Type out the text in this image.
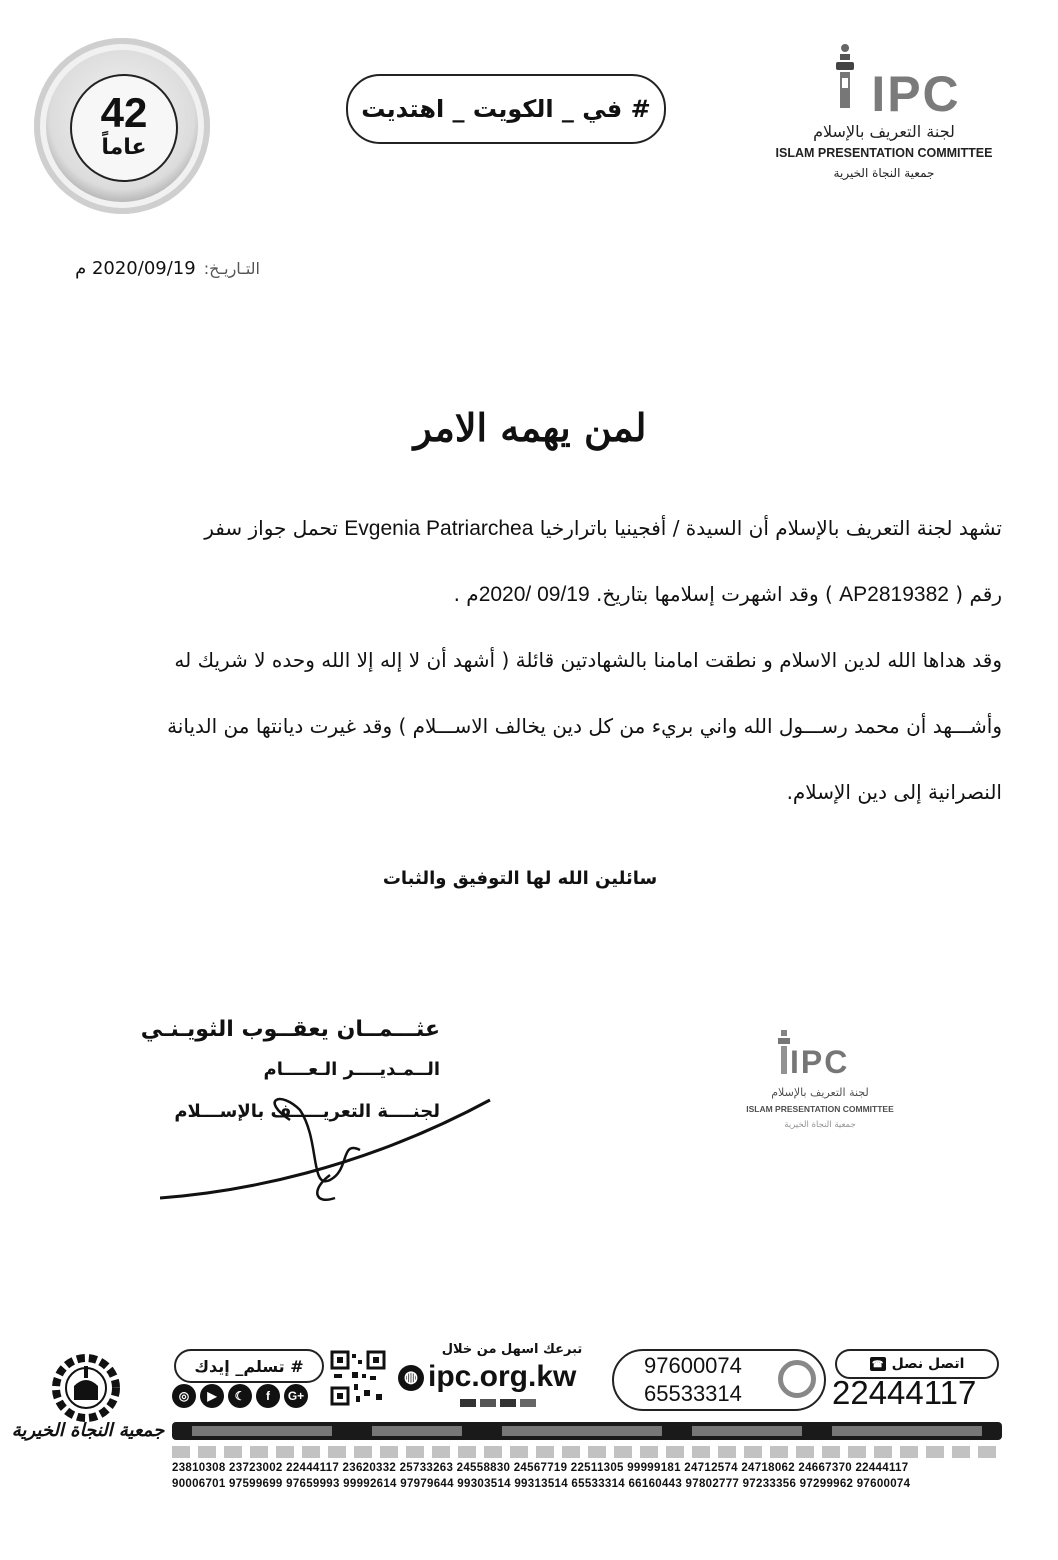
42
عاماً
# في _ الكويت _ اهتديت	IPC
لجنة التعريف بالإسلام
ISLAM PRESENTATION COMMITTEE
جمعية النجاة الخيرية
التـاريـخ:2020/09/19 م
لمن يهمه الامر

تشهد لجنة التعريف بالإسلام أن السيدة / أفجينيا باترارخيا Evgenia Patriarchea تحمل جواز سفر

رقم ( AP2819382 ) وقد اشهرت إسلامها بتاريخ. 2020/ 09/19م .

وقد هداها الله لدين الاسلام و نطقت امامنا بالشهادتين قائلة ( أشهد أن لا إله إلا الله وحده لا شريك له

وأشـــهد أن محمد رســـول الله واني بريء من كل دين يخالف الاســـلام ) وقد غيرت ديانتها من الديانة

النصرانية إلى دين الإسلام.

سائلين الله لها التوفيق والثبات
عثـــمــان يعقــوب الثويـنـي
الــمـديــــر الـعــــام
لجنــــة التعريـــــف بالإســـلام
IPC
لجنة التعريف بالإسلام
ISLAM PRESENTATION COMMITTEE
جمعية النجاة الخيرية
جمعية النجاة الخيرية
# تسلم_ إيدك
◎	▶	☾	f	G+
تبرعك اسهل من خلال
◍ ipc.org.kw	97600074
65533314
اتصل نصل
☎
22444117
23810308 23723002 22444117 23620332 25733263 24558830 24567719 22511305 99999181 24712574 24718062 24667370 22444117
90006701 97599699 97659993 99992614 97979644 99303514 99313514 65533314 66160443 97802777 97233356 97299962 97600074
